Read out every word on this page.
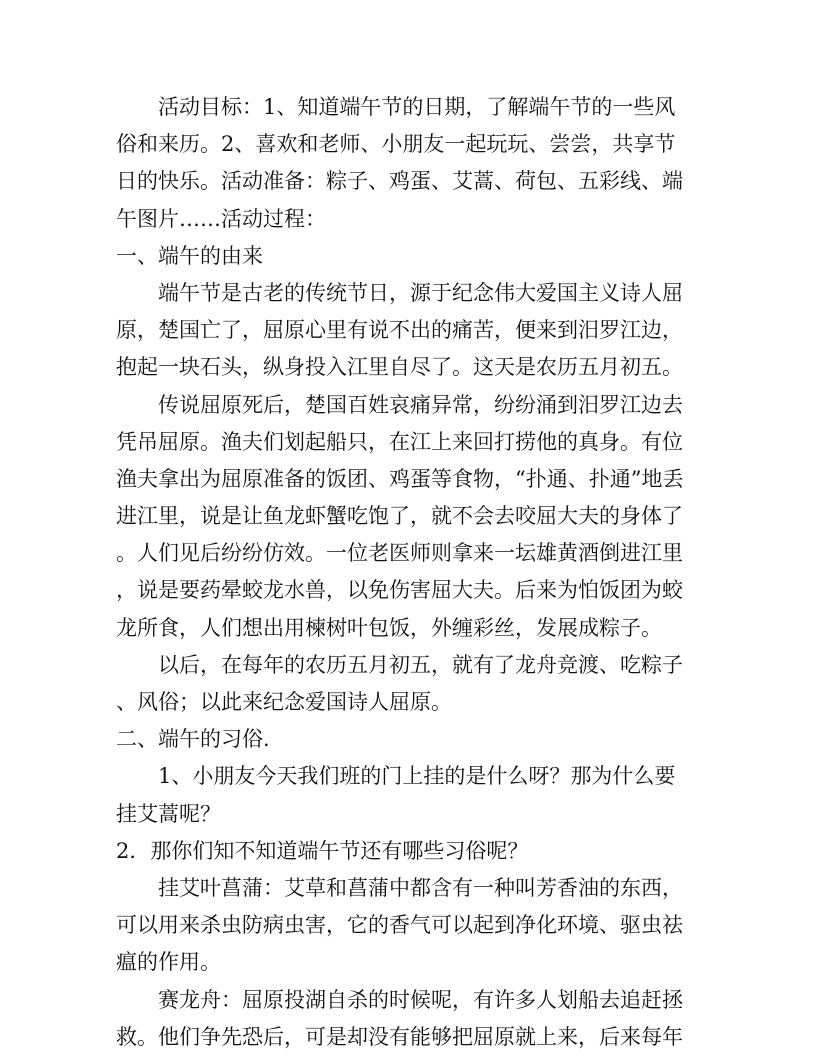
活动目标：1、知道端午节的日期，了解端午节的一些风
俗和来历。2、喜欢和老师、小朋友一起玩玩、尝尝，共享节
日的快乐。活动准备：粽子、鸡蛋、艾蒿、荷包、五彩线、端
午图片……活动过程：
一、端午的由来
端午节是古老的传统节日，源于纪念伟大爱国主义诗人屈
原，楚国亡了，屈原心里有说不出的痛苦，便来到汨罗江边，
抱起一块石头，纵身投入江里自尽了。这天是农历五月初五。
传说屈原死后，楚国百姓哀痛异常，纷纷涌到汨罗江边去
凭吊屈原。渔夫们划起船只，在江上来回打捞他的真身。有位
渔夫拿出为屈原准备的饭团、鸡蛋等食物，“扑通、扑通”地丢
进江里，说是让鱼龙虾蟹吃饱了，就不会去咬屈大夫的身体了
。人们见后纷纷仿效。一位老医师则拿来一坛雄黄酒倒进江里
，说是要药晕蛟龙水兽，以免伤害屈大夫。后来为怕饭团为蛟
龙所食，人们想出用楝树叶包饭，外缠彩丝，发展成粽子。
以后，在每年的农历五月初五，就有了龙舟竞渡、吃粽子
、风俗；以此来纪念爱国诗人屈原。
二、端午的习俗.
1、小朋友今天我们班的门上挂的是什么呀？那为什么要
挂艾蒿呢？
2．那你们知不知道端午节还有哪些习俗呢？
挂艾叶菖蒲：艾草和菖蒲中都含有一种叫芳香油的东西，
可以用来杀虫防病虫害，它的香气可以起到净化环境、驱虫祛
瘟的作用。
赛龙舟：屈原投湖自杀的时候呢，有许多人划船去追赶拯
救。他们争先恐后，可是却没有能够把屈原就上来，后来每年
